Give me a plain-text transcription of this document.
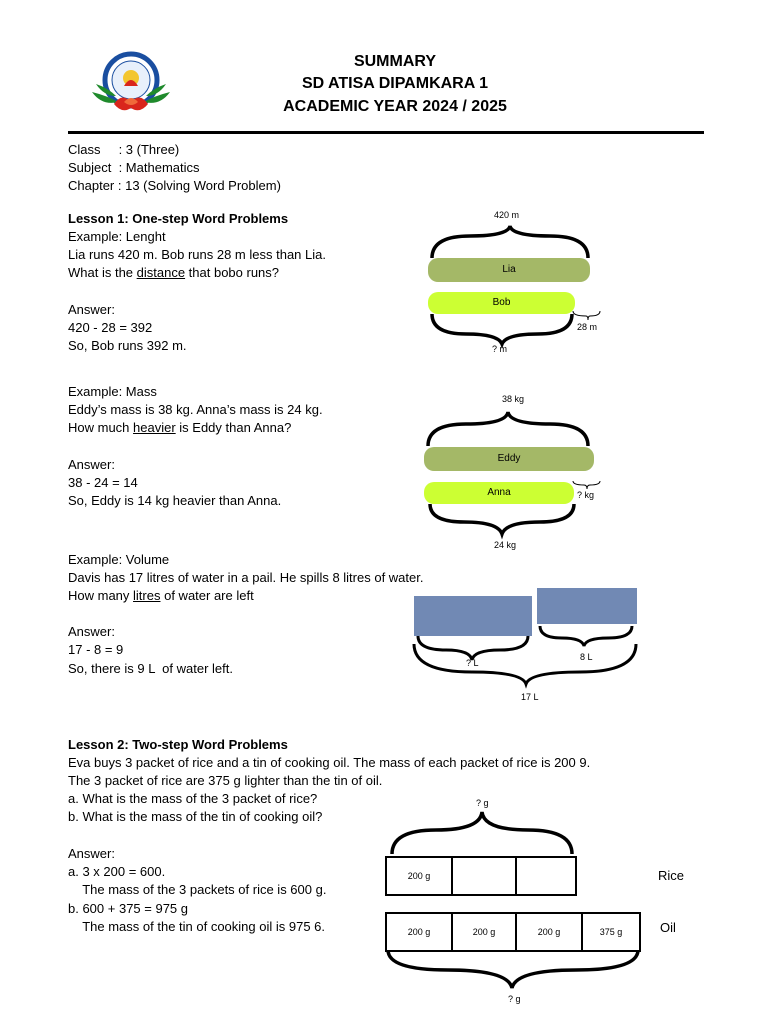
SUMMARY
SD ATISA DIPAMKARA 1
ACADEMIC YEAR 2024 / 2025
Class     : 3 (Three)
Subject  : Mathematics
Chapter : 13 (Solving Word Problem)
Lesson 1: One-step Word Problems
Example: Lenght
Lia runs 420 m. Bob runs 28 m less than Lia.
What is the distance that bobo runs?
Answer:
420 - 28 = 392
So, Bob runs 392 m.
420 m
Lia
Bob
28 m
? m
Example: Mass
Eddy’s mass is 38 kg. Anna’s mass is 24 kg.
How much heavier is Eddy than Anna?
Answer:
38 - 24 = 14
So, Eddy is 14 kg heavier than Anna.
38 kg
Eddy
Anna	? kg
24 kg
Example: Volume
Davis has 17 litres of water in a pail. He spills 8 litres of water.
How many litres of water are left
Answer:
17 - 8 = 9
So, there is 9 L  of water left.	? L
8 L
17 L
Lesson 2: Two-step Word Problems
Eva buys 3 packet of rice and a tin of cooking oil. The mass of each packet of rice is 200 9.
The 3 packet of rice are 375 g lighter than the tin of oil.
a. What is the mass of the 3 packet of rice?
b. What is the mass of the tin of cooking oil?
Answer:
a. 3 x 200 = 600.
The mass of the 3 packets of rice is 600 g.
b. 600 + 375 = 975 g
The mass of the tin of cooking oil is 975 6.
? g
200 g	Rice
200 g	200 g	200 g	375 g	Oil
? g
